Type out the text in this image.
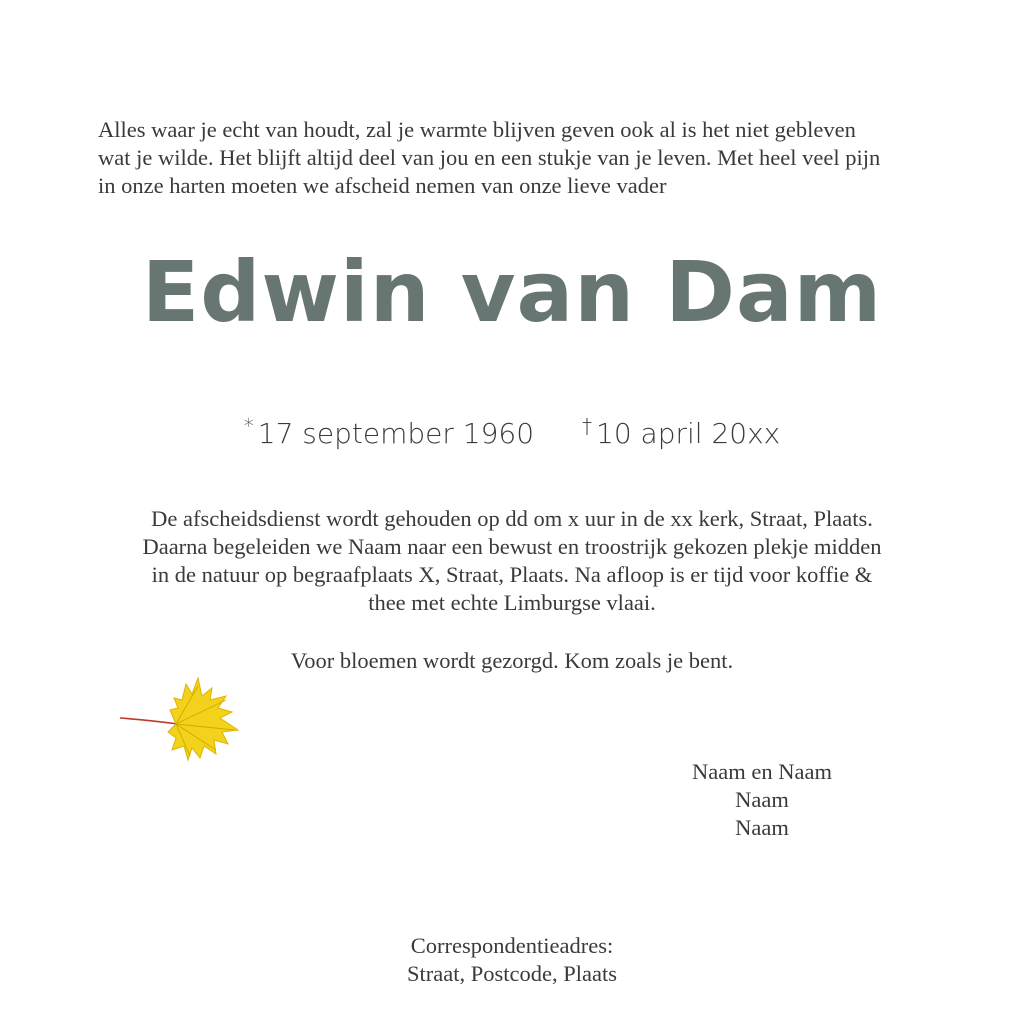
Alles waar je echt van houdt, zal je warmte blijven geven ook al is het niet gebleven
wat je wilde. Het blijft altijd deel van jou en een stukje van je leven. Met heel veel pijn
in onze harten moeten we afscheid nemen van onze lieve vader
Edwin van Dam
* 17 september 1960 † 10 april 20xx
De afscheidsdienst wordt gehouden op dd om x uur in de xx kerk, Straat, Plaats.
Daarna begeleiden we Naam naar een bewust en troostrijk gekozen plekje midden
in de natuur op begraafplaats X, Straat, Plaats. Na afloop is er tijd voor koffie &
thee met echte Limburgse vlaai.
Voor bloemen wordt gezorgd. Kom zoals je bent.
Naam en Naam
Naam
Naam
Correspondentieadres:
Straat, Postcode, Plaats
